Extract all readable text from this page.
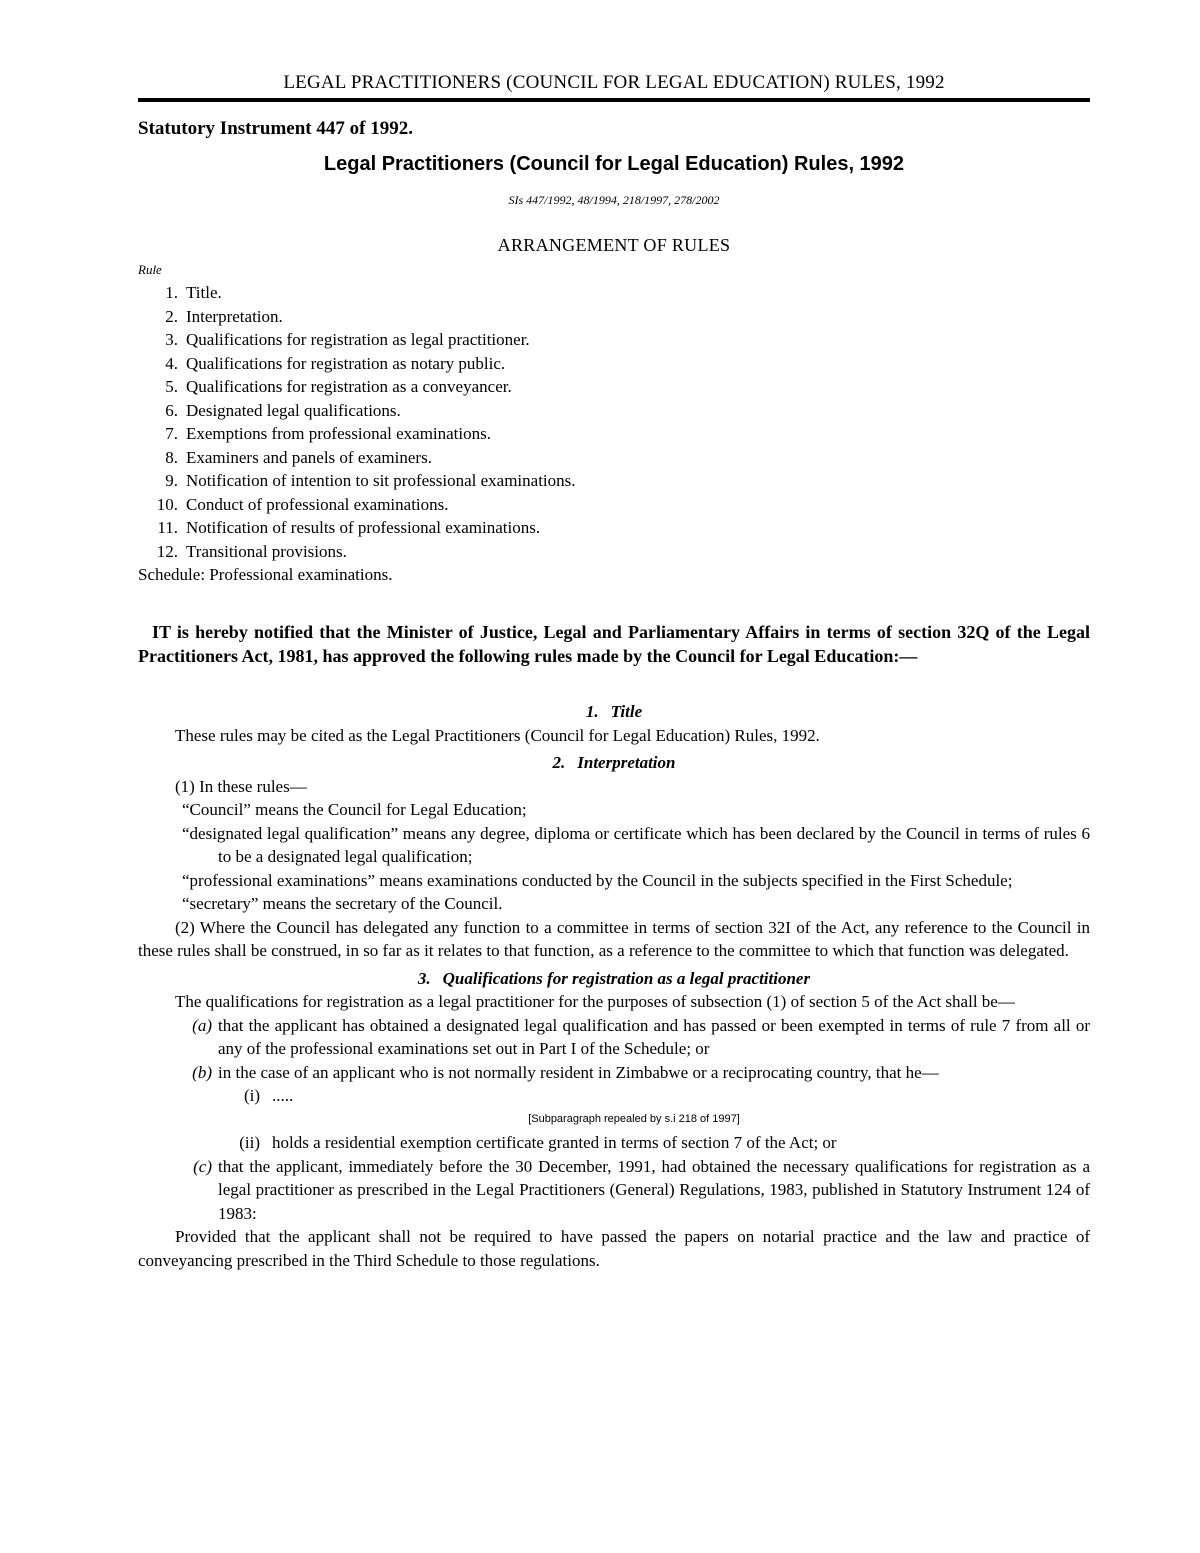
LEGAL PRACTITIONERS (COUNCIL FOR LEGAL EDUCATION) RULES, 1992
Statutory Instrument 447 of 1992.
Legal Practitioners (Council for Legal Education) Rules, 1992
SIs 447/1992, 48/1994, 218/1997, 278/2002
ARRANGEMENT OF RULES
Rule
1. Title.
2. Interpretation.
3. Qualifications for registration as legal practitioner.
4. Qualifications for registration as notary public.
5. Qualifications for registration as a conveyancer.
6. Designated legal qualifications.
7. Exemptions from professional examinations.
8. Examiners and panels of examiners.
9. Notification of intention to sit professional examinations.
10. Conduct of professional examinations.
11. Notification of results of professional examinations.
12. Transitional provisions.
Schedule: Professional examinations.
IT is hereby notified that the Minister of Justice, Legal and Parliamentary Affairs in terms of section 32Q of the Legal Practitioners Act, 1981, has approved the following rules made by the Council for Legal Education:—
1. Title

These rules may be cited as the Legal Practitioners (Council for Legal Education) Rules, 1992.

2. Interpretation

(1) In these rules—

“Council” means the Council for Legal Education;

“designated legal qualification” means any degree, diploma or certificate which has been declared by the Council in terms of rules 6 to be a designated legal qualification;

“professional examinations” means examinations conducted by the Council in the subjects specified in the First Schedule;

“secretary” means the secretary of the Council.

(2) Where the Council has delegated any function to a committee in terms of section 32I of the Act, any reference to the Council in these rules shall be construed, in so far as it relates to that function, as a reference to the committee to which that function was delegated.

3. Qualifications for registration as a legal practitioner

The qualifications for registration as a legal practitioner for the purposes of subsection (1) of section 5 of the Act shall be—

(a) that the applicant has obtained a designated legal qualification and has passed or been exempted in terms of rule 7 from all or any of the professional examinations set out in Part I of the Schedule; or
(b) in the case of an applicant who is not normally resident in Zimbabwe or a reciprocating country, that he—
(i) .....
[Subparagraph repealed by s.i 218 of 1997]
(ii) holds a residential exemption certificate granted in terms of section 7 of the Act; or
(c) that the applicant, immediately before the 30 December, 1991, had obtained the necessary qualifications for registration as a legal practitioner as prescribed in the Legal Practitioners (General) Regulations, 1983, published in Statutory Instrument 124 of 1983:

Provided that the applicant shall not be required to have passed the papers on notarial practice and the law and practice of conveyancing prescribed in the Third Schedule to those regulations.
